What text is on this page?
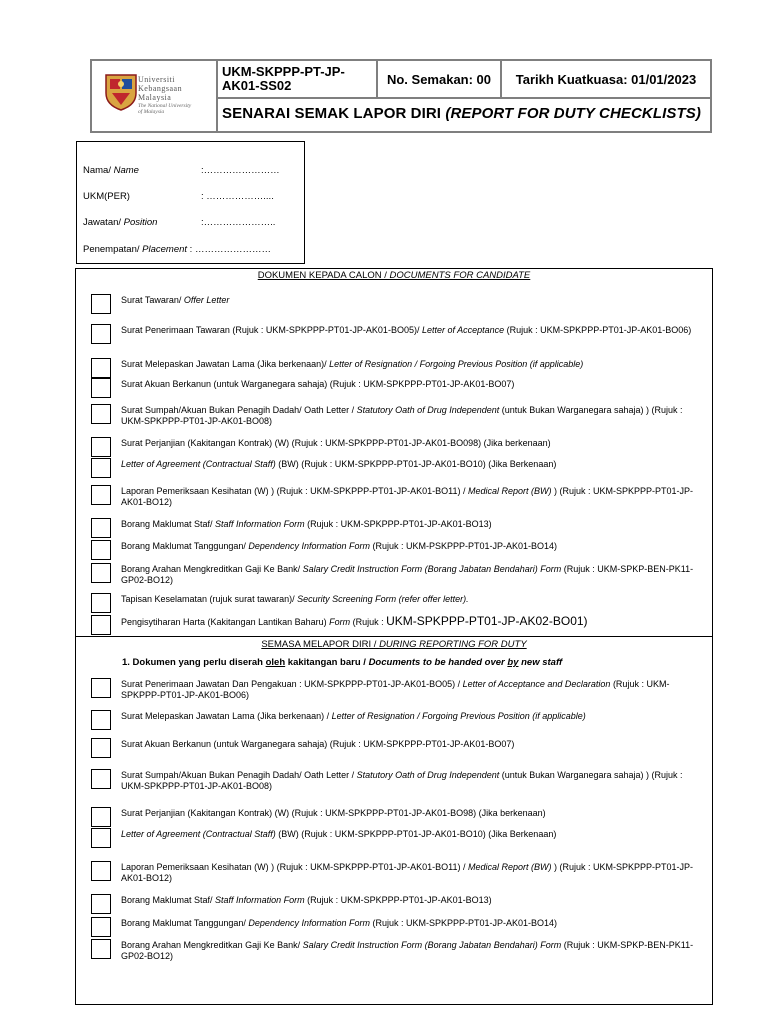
Universiti
Kebangsaan
Malaysia
The National University
of Malaysia
UKM-SKPPP-PT-JP-AK01-SS02	No. Semakan: 00	Tarikh Kuatkuasa: 01/01/2023
SENARAI SEMAK LAPOR DIRI (REPORT FOR DUTY CHECKLISTS)
Nama/ Name	:……………………
UKM(PER)	: ………………....
Jawatan/ Position	:…………………..
Penempatan/ Placement : ……………………
DOKUMEN KEPADA CALON / DOCUMENTS FOR CANDIDATE
Surat Tawaran/ Offer Letter
Surat Penerimaan Tawaran (Rujuk : UKM-SPKPPP-PT01-JP-AK01-BO05)/ Letter of Acceptance (Rujuk : UKM-SPKPPP-PT01-JP-AK01-BO06)
Surat Melepaskan Jawatan Lama (Jika berkenaan)/ Letter of Resignation / Forgoing Previous Position (if applicable)
Surat Akuan Berkanun (untuk Warganegara sahaja) (Rujuk : UKM-SPKPPP-PT01-JP-AK01-BO07)
Surat Sumpah/Akuan Bukan Penagih Dadah/ Oath Letter / Statutory Oath of Drug Independent (untuk Bukan Warganegara sahaja) ) (Rujuk : UKM-SPKPPP-PT01-JP-AK01-BO08)
Surat Perjanjian (Kakitangan Kontrak) (W) (Rujuk : UKM-SPKPPP-PT01-JP-AK01-BO098) (Jika berkenaan)
Letter of Agreement (Contractual Staff) (BW) (Rujuk : UKM-SPKPPP-PT01-JP-AK01-BO10) (Jika Berkenaan)
Laporan Pemeriksaan Kesihatan (W) ) (Rujuk : UKM-SPKPPP-PT01-JP-AK01-BO11) / Medical Report (BW) ) (Rujuk : UKM-SPKPPP-PT01-JP-AK01-BO12)
Borang Maklumat Staf/ Staff Information Form (Rujuk : UKM-SPKPPP-PT01-JP-AK01-BO13)
Borang Maklumat Tanggungan/ Dependency Information Form (Rujuk : UKM-PSKPPP-PT01-JP-AK01-BO14)
Borang Arahan Mengkreditkan Gaji Ke Bank/ Salary Credit Instruction Form (Borang Jabatan Bendahari) Form (Rujuk : UKM-SPKP-BEN-PK11-GP02-BO12)
Tapisan Keselamatan (rujuk surat tawaran)/ Security Screening Form (refer offer letter).
Pengisytiharan Harta (Kakitangan Lantikan Baharu) Form (Rujuk : UKM-SPKPPP-PT01-JP-AK02-BO01)
SEMASA MELAPOR DIRI / DURING REPORTING FOR DUTY
1. Dokumen yang perlu diserah oleh kakitangan baru / Documents to be handed over by new staff
Surat Penerimaan Jawatan Dan Pengakuan : UKM-SPKPPP-PT01-JP-AK01-BO05) / Letter of Acceptance and Declaration (Rujuk : UKM-SPKPPP-PT01-JP-AK01-BO06)
Surat Melepaskan Jawatan Lama (Jika berkenaan) / Letter of Resignation / Forgoing Previous Position (if applicable)
Surat Akuan Berkanun (untuk Warganegara sahaja) (Rujuk : UKM-SPKPPP-PT01-JP-AK01-BO07)
Surat Sumpah/Akuan Bukan Penagih Dadah/ Oath Letter / Statutory Oath of Drug Independent (untuk Bukan Warganegara sahaja) ) (Rujuk : UKM-SPKPPP-PT01-JP-AK01-BO08)
Surat Perjanjian (Kakitangan Kontrak) (W) (Rujuk : UKM-SPKPPP-PT01-JP-AK01-BO98) (Jika berkenaan)
Letter of Agreement (Contractual Staff) (BW) (Rujuk : UKM-SPKPPP-PT01-JP-AK01-BO10) (Jika Berkenaan)
Laporan Pemeriksaan Kesihatan (W) ) (Rujuk : UKM-SPKPPP-PT01-JP-AK01-BO11) / Medical Report (BW) ) (Rujuk : UKM-SPKPPP-PT01-JP-AK01-BO12)
Borang Maklumat Staf/ Staff Information Form (Rujuk : UKM-SPKPPP-PT01-JP-AK01-BO13)
Borang Maklumat Tanggungan/ Dependency Information Form (Rujuk : UKM-SPKPPP-PT01-JP-AK01-BO14)
Borang Arahan Mengkreditkan Gaji Ke Bank/ Salary Credit Instruction Form (Borang Jabatan Bendahari) Form (Rujuk : UKM-SPKP-BEN-PK11-GP02-BO12)
